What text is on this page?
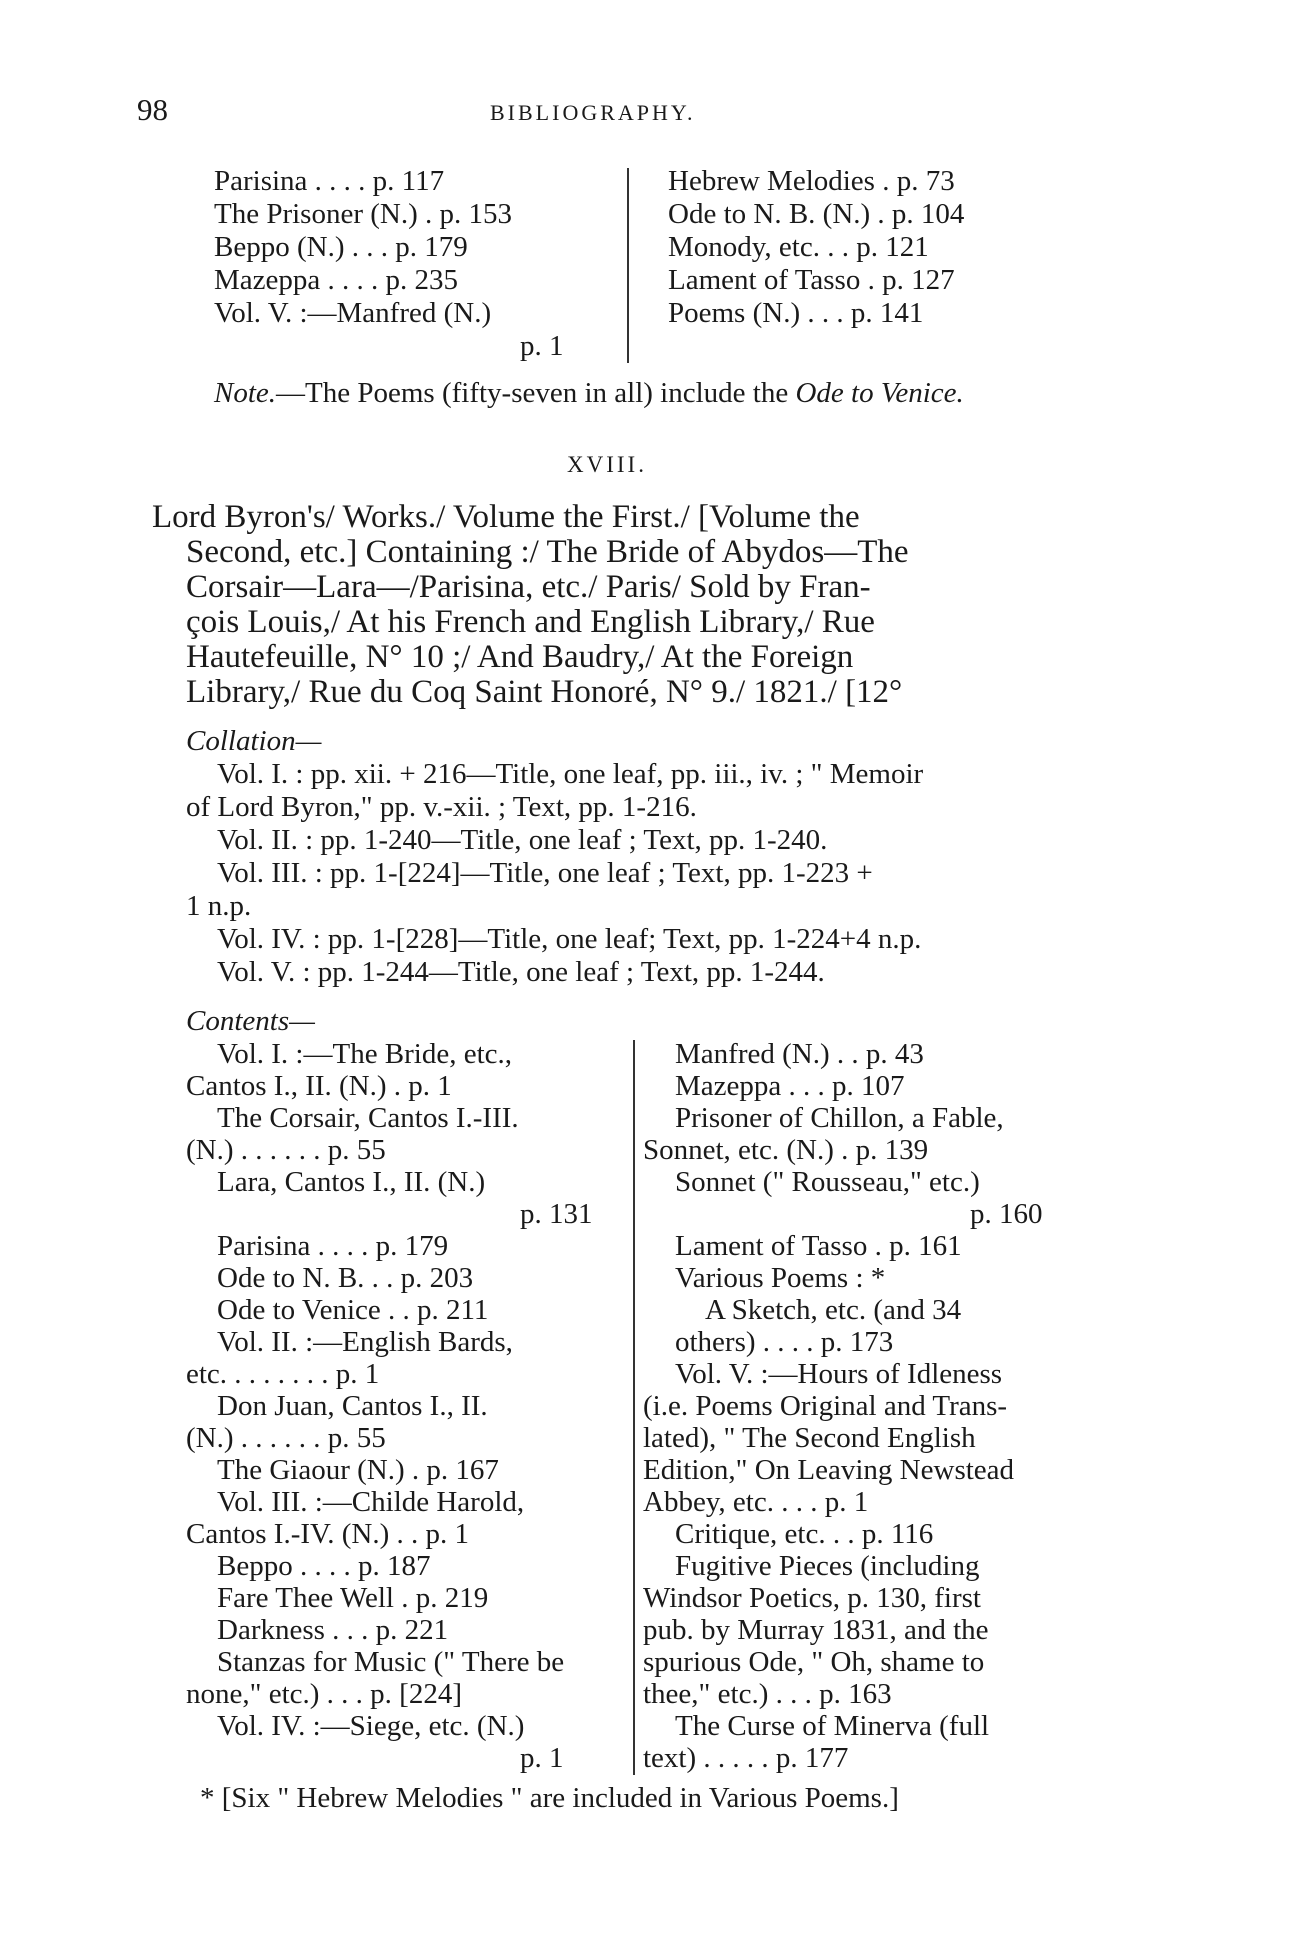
98	BIBLIOGRAPHY.
Parisina . . . . p. 117
The Prisoner (N.) . p. 153
Beppo (N.) . . . p. 179
Mazeppa . . . . p. 235
Vol. V. :—Manfred (N.)
p. 1
Hebrew Melodies . p. 73
Ode to N. B. (N.) . p. 104
Monody, etc. . . p. 121
Lament of Tasso . p. 127
Poems (N.) . . . p. 141
Note.—The Poems (fifty-seven in all) include the Ode to Venice.
XVIII.
Lord Byron's/ Works./ Volume the First./ [Volume the
Second, etc.] Containing :/ The Bride of Abydos—The
Corsair—Lara—/Parisina, etc./ Paris/ Sold by Fran-
çois Louis,/ At his French and English Library,/ Rue
Hautefeuille, N° 10 ;/ And Baudry,/ At the Foreign
Library,/ Rue du Coq Saint Honoré, N° 9./ 1821./ [12°
Collation—
Vol. I. : pp. xii. + 216—Title, one leaf, pp. iii., iv. ; " Memoir
of Lord Byron," pp. v.-xii. ; Text, pp. 1-216.
Vol. II. : pp. 1-240—Title, one leaf ; Text, pp. 1-240.
Vol. III. : pp. 1-[224]—Title, one leaf ; Text, pp. 1-223 +
1 n.p.
Vol. IV. : pp. 1-[228]—Title, one leaf; Text, pp. 1-224+4 n.p.
Vol. V. : pp. 1-244—Title, one leaf ; Text, pp. 1-244.
Contents—
Vol. I. :—The Bride, etc.,
Cantos I., II. (N.) . p. 1
The Corsair, Cantos I.-III.
(N.) . . . . . . p. 55
Lara, Cantos I., II. (N.)
p. 131
Parisina . . . . p. 179
Ode to N. B. . . p. 203
Ode to Venice . . p. 211
Vol. II. :—English Bards,
etc. . . . . . . . p. 1
Don Juan, Cantos I., II.
(N.) . . . . . . p. 55
The Giaour (N.) . p. 167
Vol. III. :—Childe Harold,
Cantos I.-IV. (N.) . . p. 1
Beppo . . . . p. 187
Fare Thee Well . p. 219
Darkness . . . p. 221
Stanzas for Music (" There be
none," etc.) . . . p. [224]
Vol. IV. :—Siege, etc. (N.)
p. 1
Manfred (N.) . . p. 43
Mazeppa . . . p. 107
Prisoner of Chillon, a Fable,
Sonnet, etc. (N.) . p. 139
Sonnet (" Rousseau," etc.)
p. 160
Lament of Tasso . p. 161
Various Poems : *
A Sketch, etc. (and 34
others) . . . . p. 173
Vol. V. :—Hours of Idleness
(i.e. Poems Original and Trans-
lated), " The Second English
Edition," On Leaving Newstead
Abbey, etc. . . . p. 1
Critique, etc. . . p. 116
Fugitive Pieces (including
Windsor Poetics, p. 130, first
pub. by Murray 1831, and the
spurious Ode, " Oh, shame to
thee," etc.) . . . p. 163
The Curse of Minerva (full
text) . . . . . p. 177
* [Six " Hebrew Melodies " are included in Various Poems.]
